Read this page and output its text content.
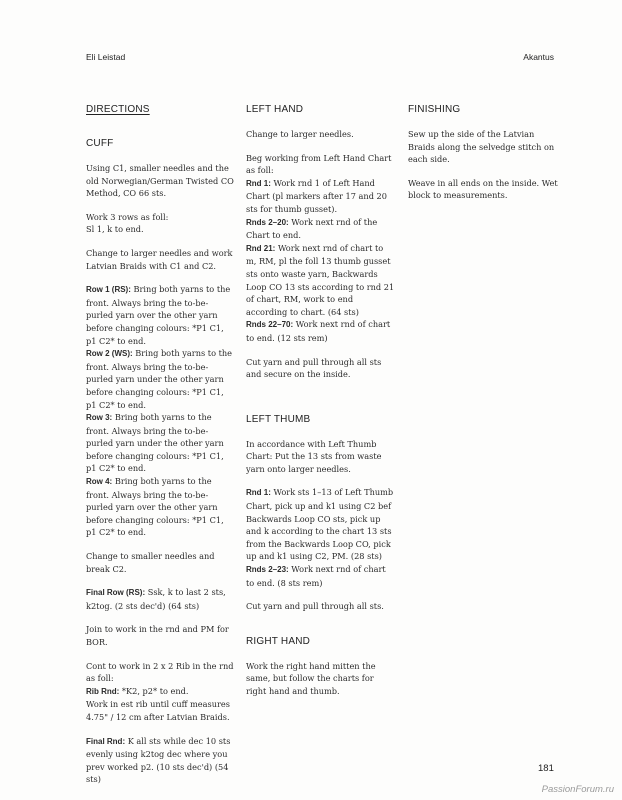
Eli Leistad	Akantus
DIRECTIONS
CUFF

Using C1, smaller needles and the old Norwegian/German Twisted CO Method, CO 66 sts.

Work 3 rows as foll:
Sl 1, k to end.

Change to larger needles and work Latvian Braids with C1 and C2.

Row 1 (RS): Bring both yarns to the front. Always bring the to-be-purled yarn over the other yarn before changing colours: *P1 C1, p1 C2* to end.
Row 2 (WS): Bring both yarns to the front. Always bring the to-be-purled yarn under the other yarn before changing colours: *P1 C1, p1 C2* to end.
Row 3: Bring both yarns to the front. Always bring the to-be-purled yarn under the other yarn before changing colours: *P1 C1, p1 C2* to end.
Row 4: Bring both yarns to the front. Always bring the to-be-purled yarn over the other yarn before changing colours: *P1 C1, p1 C2* to end.

Change to smaller needles and break C2.

Final Row (RS): Ssk, k to last 2 sts, k2tog. (2 sts dec'd) (64 sts)

Join to work in the rnd and PM for BOR.

Cont to work in 2 x 2 Rib in the rnd as foll:

Rib Rnd: *K2, p2* to end.

Work in est rib until cuff measures 4.75" / 12 cm after Latvian Braids.

Final Rnd: K all sts while dec 10 sts evenly using k2tog dec where you prev worked p2. (10 sts dec'd) (54 sts)

LEFT HAND

Change to larger needles.

Beg working from Left Hand Chart as foll:
Rnd 1: Work rnd 1 of Left Hand Chart (pl markers after 17 and 20 sts for thumb gusset).
Rnds 2–20: Work next rnd of the Chart to end.
Rnd 21: Work next rnd of chart to m, RM, pl the foll 13 thumb gusset sts onto waste yarn, Backwards Loop CO 13 sts according to rnd 21 of chart, RM, work to end according to chart. (64 sts)
Rnds 22–70: Work next rnd of chart to end. (12 sts rem)

Cut yarn and pull through all sts and secure on the inside.

LEFT THUMB

In accordance with Left Thumb Chart: Put the 13 sts from waste yarn onto larger needles.

Rnd 1: Work sts 1–13 of Left Thumb Chart, pick up and k1 using C2 bef Backwards Loop CO sts, pick up and k according to the chart 13 sts from the Backwards Loop CO, pick up and k1 using C2, PM. (28 sts)
Rnds 2–23: Work next rnd of chart to end. (8 sts rem)

Cut yarn and pull through all sts.

RIGHT HAND

Work the right hand mitten the same, but follow the charts for right hand and thumb.

FINISHING

Sew up the side of the Latvian Braids along the selvedge stitch on each side.

Weave in all ends on the inside. Wet block to measurements.

181
PassionForum.ru
